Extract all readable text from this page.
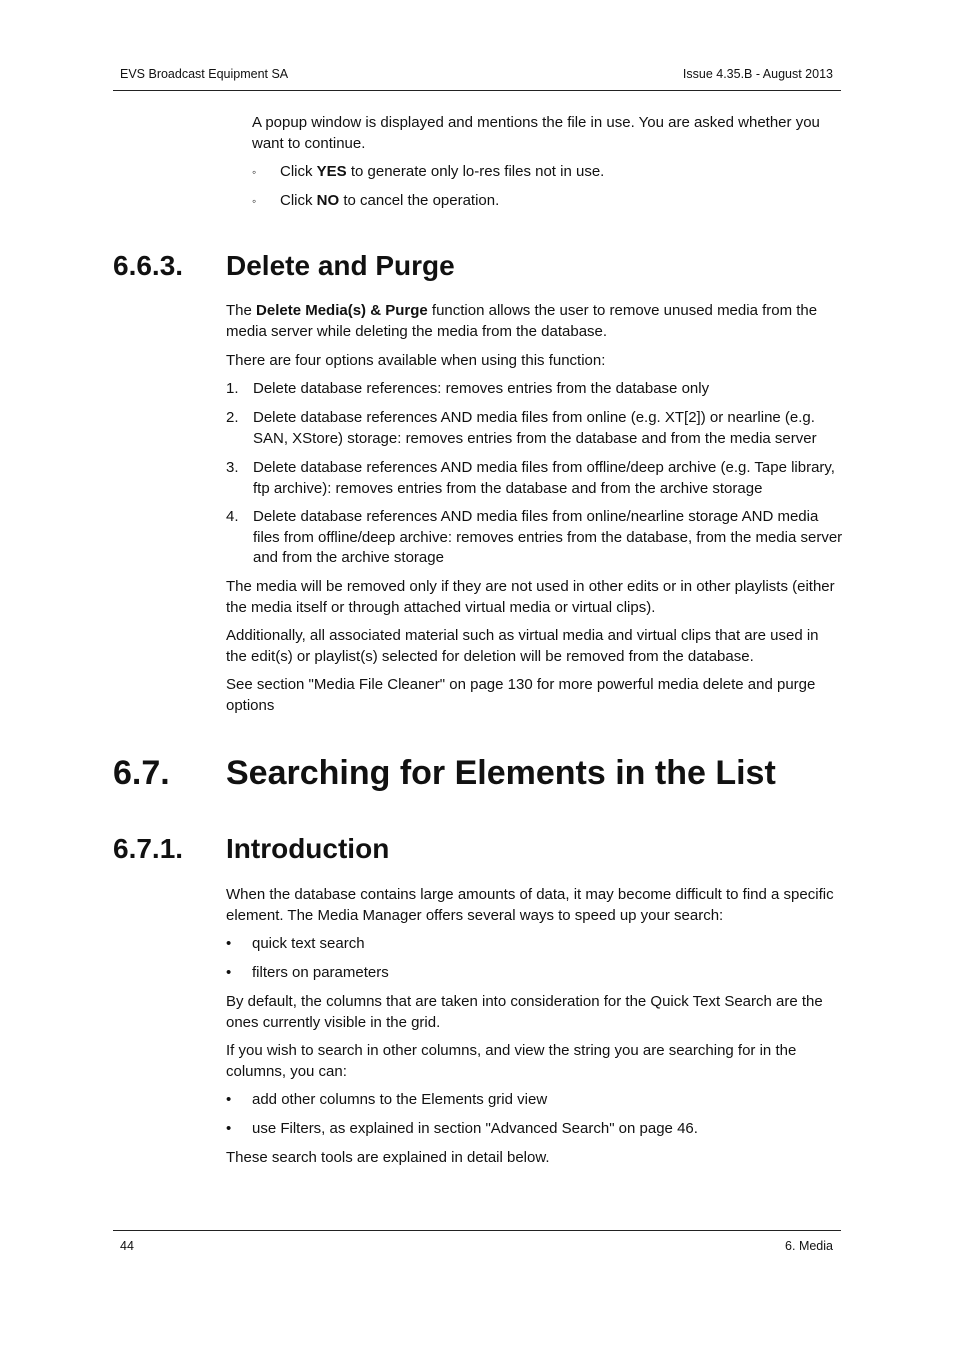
EVS Broadcast Equipment SA	Issue 4.35.B - August 2013

A popup window is displayed and mentions the file in use. You are asked whether you want to continue.

◦ Click YES to generate only lo-res files not in use.
◦ Click NO to cancel the operation.
6.6.3. Delete and Purge

The Delete Media(s) & Purge function allows the user to remove unused media from the media server while deleting the media from the database.

There are four options available when using this function:

1. Delete database references: removes entries from the database only
2. Delete database references AND media files from online (e.g. XT[2]) or nearline (e.g. SAN, XStore) storage: removes entries from the database and from the media server
3. Delete database references AND media files from offline/deep archive (e.g. Tape library, ftp archive): removes entries from the database and from the archive storage
4. Delete database references AND media files from online/nearline storage AND media files from offline/deep archive: removes entries from the database, from the media server and from the archive storage

The media will be removed only if they are not used in other edits or in other playlists (either the media itself or through attached virtual media or virtual clips).

Additionally, all associated material such as virtual media and virtual clips that are used in the edit(s) or playlist(s) selected for deletion will be removed from the database.

See section "Media File Cleaner" on page 130 for more powerful media delete and purge options

6.7. Searching for Elements in the List
6.7.1. Introduction

When the database contains large amounts of data, it may become difficult to find a specific element. The Media Manager offers several ways to speed up your search:

• quick text search
• filters on parameters

By default, the columns that are taken into consideration for the Quick Text Search are the ones currently visible in the grid.

If you wish to search in other columns, and view the string you are searching for in the columns, you can:

• add other columns to the Elements grid view
• use Filters, as explained in section "Advanced Search" on page 46.

These search tools are explained in detail below.

44	6. Media
